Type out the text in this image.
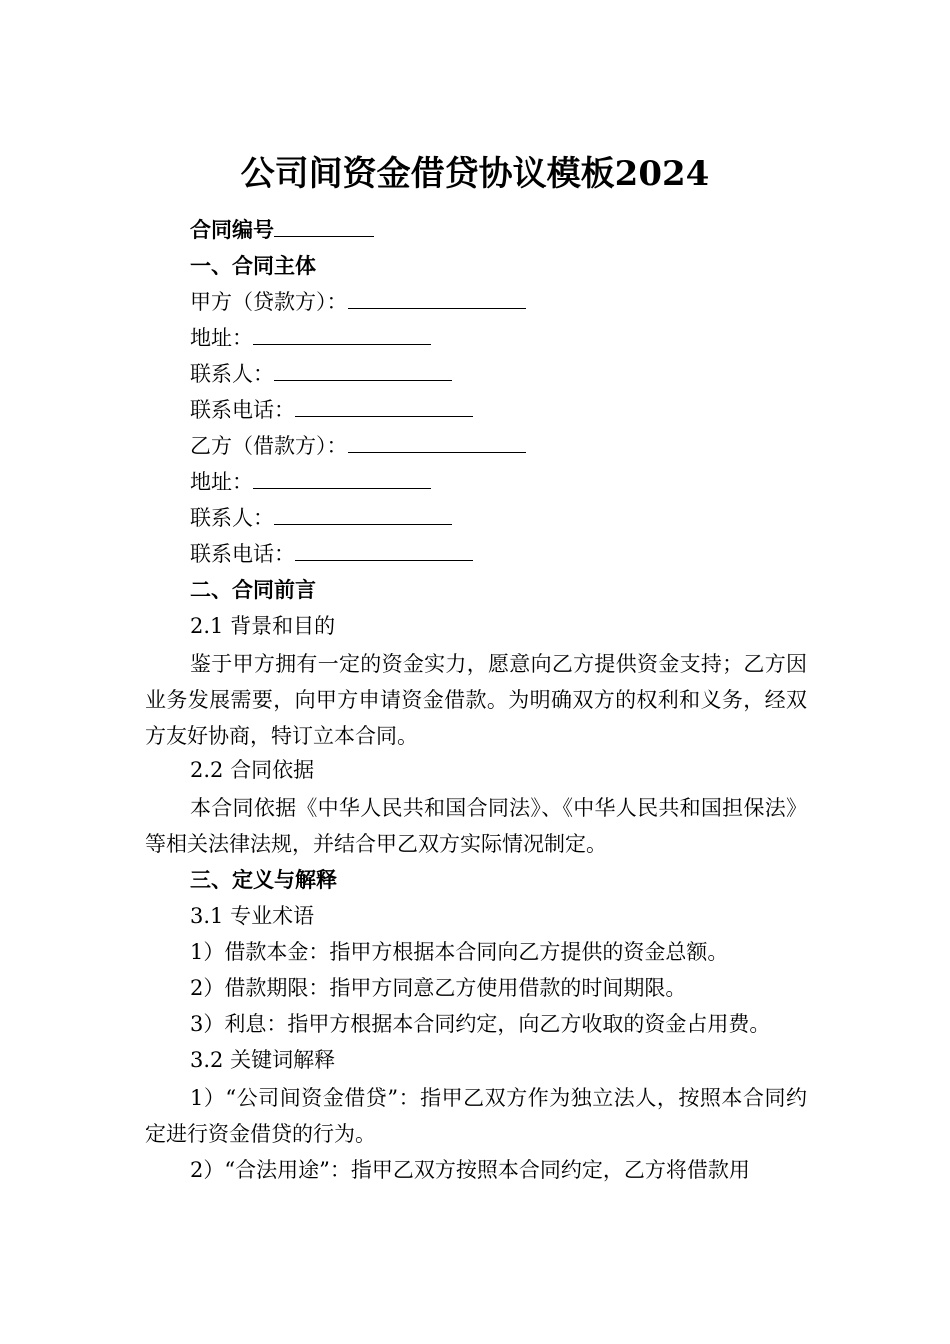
公司间资金借贷协议模板2024
合同编号
一、合同主体
甲方（贷款方）：
地址：
联系人：
联系电话：
乙方（借款方）：
地址：
联系人：
联系电话：
二、合同前言
2.1 背景和目的
鉴于甲方拥有一定的资金实力，愿意向乙方提供资金支持；乙方因业务发展需要，向甲方申请资金借款。为明确双方的权利和义务，经双方友好协商，特订立本合同。
2.2 合同依据
本合同依据《中华人民共和国合同法》、《中华人民共和国担保法》等相关法律法规，并结合甲乙双方实际情况制定。
三、定义与解释
3.1 专业术语
1）借款本金：指甲方根据本合同向乙方提供的资金总额。
2）借款期限：指甲方同意乙方使用借款的时间期限。
3）利息：指甲方根据本合同约定，向乙方收取的资金占用费。
3.2 关键词解释
1）“公司间资金借贷”：指甲乙双方作为独立法人，按照本合同约定进行资金借贷的行为。
2）“合法用途”：指甲乙双方按照本合同约定，乙方将借款用
